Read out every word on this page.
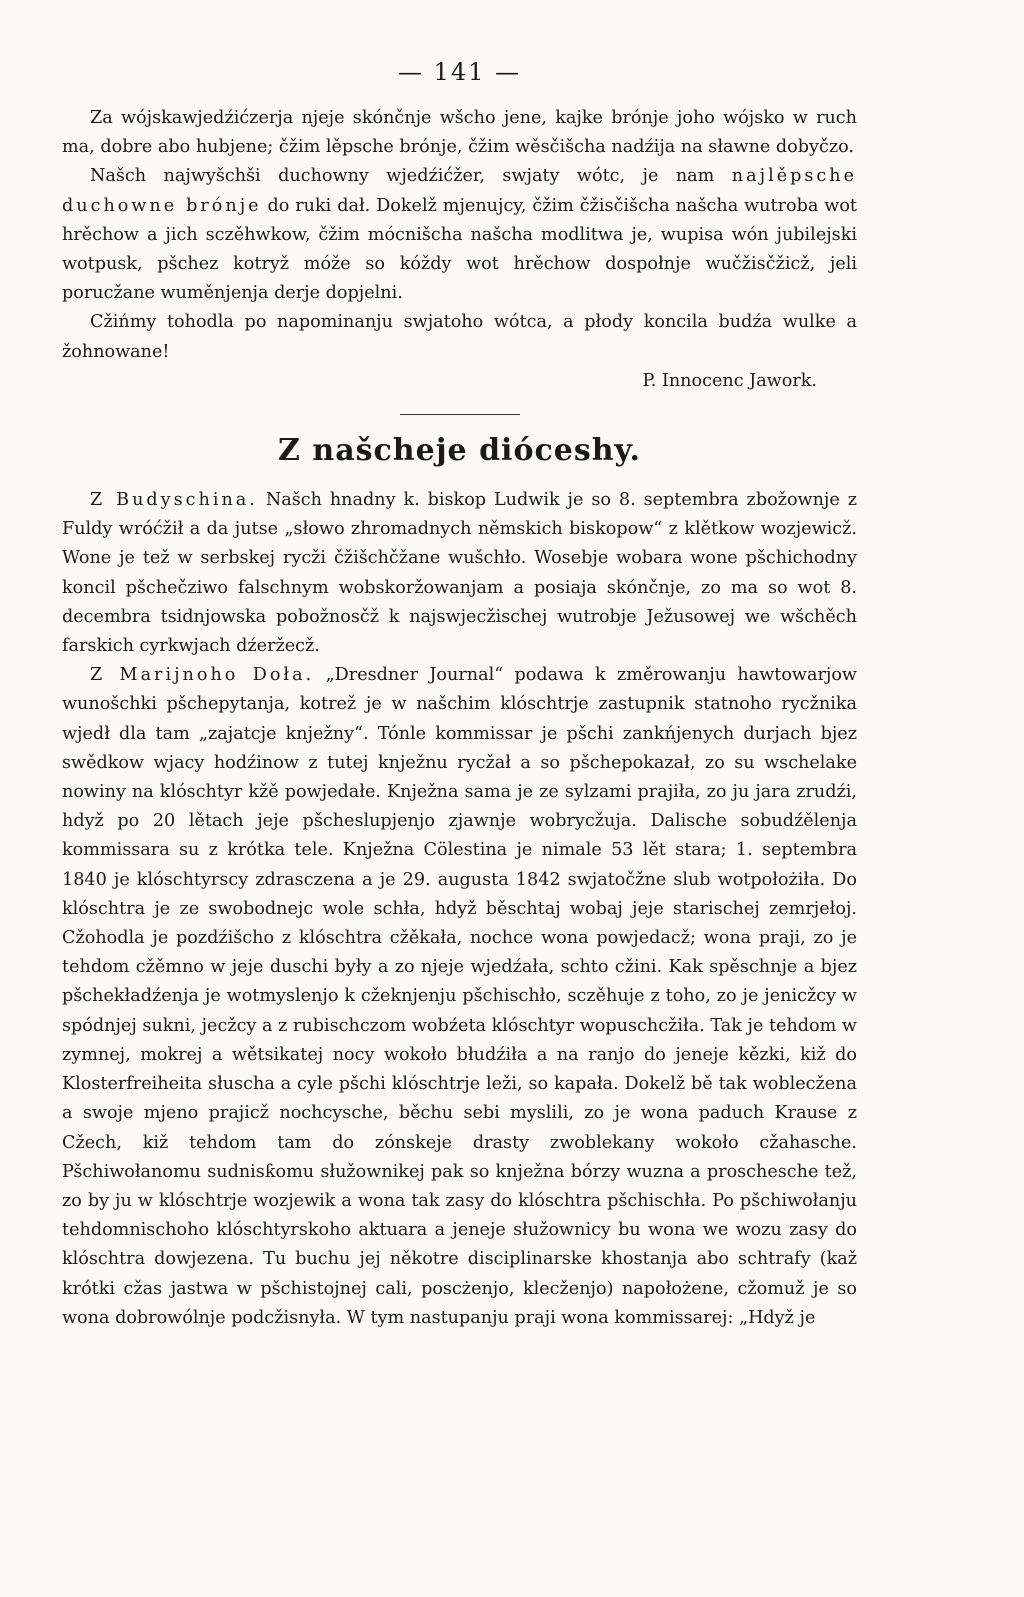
— 141 —

Za wójskawjedźićzerja njeje skónčnje wšcho jene, kajke brónje joho wójsko w ruch ma, dobre abo hubjene; čžim lěpsche brónje, čžim wěsčišcha nadźija na sławne dobyčzo.

Našch najwyšchši duchowny wjedźićžer, swjaty wótc, je nam najlěpsche duchowne brónje do ruki dał. Dokelž mjenujcy, čžim čžisčišcha našcha wutroba wot hrěchow a jich sczěhwkow, čžim mócnišcha našcha modlitwa je, wupisa wón jubilejski wotpusk, pšchez kotryž móže so kóždy wot hrěchow dospołnje wučžisčžicž, jeli porucžane wuměnjenja derje dopjelni.

Cžińmy tohodla po napominanju swjatoho wótca, a płody koncila budźa wulke a žohnowane!

P. Innocenc Jawork.
Z našcheje dióceshy.

Z Budyschina. Našch hnadny k. biskop Ludwik je so 8. septembra zbožownje z Fuldy wróćžił a da jutse „słowo zhromadnych němskich biskopow“ z klětkow wozjewicž. Wone je tež w serbskej rycži čžišchčžane wušchło. Wosebje wobara wone pšchichodny koncil pšchečziwo falschnym wobskoržowanjam a posiaja skónčnje, zo ma so wot 8. decembra tsidnjowska pobožnosčž k najswjecžischej wutrobje Ježusowej we wšchěch farskich cyrkwjach dźeržecž.

Z Marijnoho Doła. „Dresdner Journal“ podawa k změrowanju hawtowarjow wunošchki pšchepytanja, kotrež je w našchim klóschtrje zastupnik statnoho rycžnika wjedł dla tam „zajatcje knježny“. Tónle kommissar je pšchi zankńjenych durjach bjez swědkow wjacy hodźinow z tutej knježnu rycžał a so pšchepokazał, zo su wschelake nowiny na klóschtyr kžě powjedałe. Knježna sama je ze sylzami prajiła, zo ju jara zrudźi, hdyž po 20 lětach jeje pšcheslupjenjo zjawnje wobrycžuja. Dalische sobudźělenja kommissara su z krótka tele. Knježna Cölestina je nimale 53 lět stara; 1. septembra 1840 je klóschtyrscy zdrasczena a je 29. augusta 1842 swjatočžne slub wotpołożiła. Do klóschtra je ze swobodnejc wole schła, hdyž běschtaj wobaj jeje starischej zemrjełoj. Cžohodla je pozdźišcho z klóschtra cžěkała, nochce wona powjedacž; wona praji, zo je tehdom cžěmno w jeje duschi były a zo njeje wjedźała, schto cžini. Kak spěschnje a bjez pšchekładźenja je wotmyslenjo k cžeknjenju pšchischło, sczěhuje z toho, zo je jenicžcy w spódnjej sukni, jecžcy a z rubischczom wobźeta klóschtyr wopuschcžiła. Tak je tehdom w zymnej, mokrej a wětsikatej nocy wokoło błudźiła a na ranjo do jeneje kězki, kiž do Klosterfreiheita słuscha a cyle pšchi klóschtrje leži, so kapała. Dokelž bě tak woblecžena a swoje mjeno prajicž nochcysche, běchu sebi myslili, zo je wona paduch Krause z Cžech, kiž tehdom tam do zónskeje drasty zwoblekany wokoło cžahasche. Pšchiwołanomu sudnisƙomu słužownikej pak so knježna bórzy wuzna a proschesche tež, zo by ju w klóschtrje wozjewik a wona tak zasy do klóschtra pšchischła. Po pšchiwołanju tehdomnischoho klóschtyrskoho aktuara a jeneje słužownicy bu wona we wozu zasy do klóschtra dowjezena. Tu buchu jej někotre disciplinarske khostanja abo schtrafy (kaž krótki cžas jastwa w pšchistojnej cali, poscżenjo, klecženjo) napołożene, cžomuž je so wona dobrowólnje podcžisnyła. W tym nastupanju praji wona kommissarej: „Hdyž je
